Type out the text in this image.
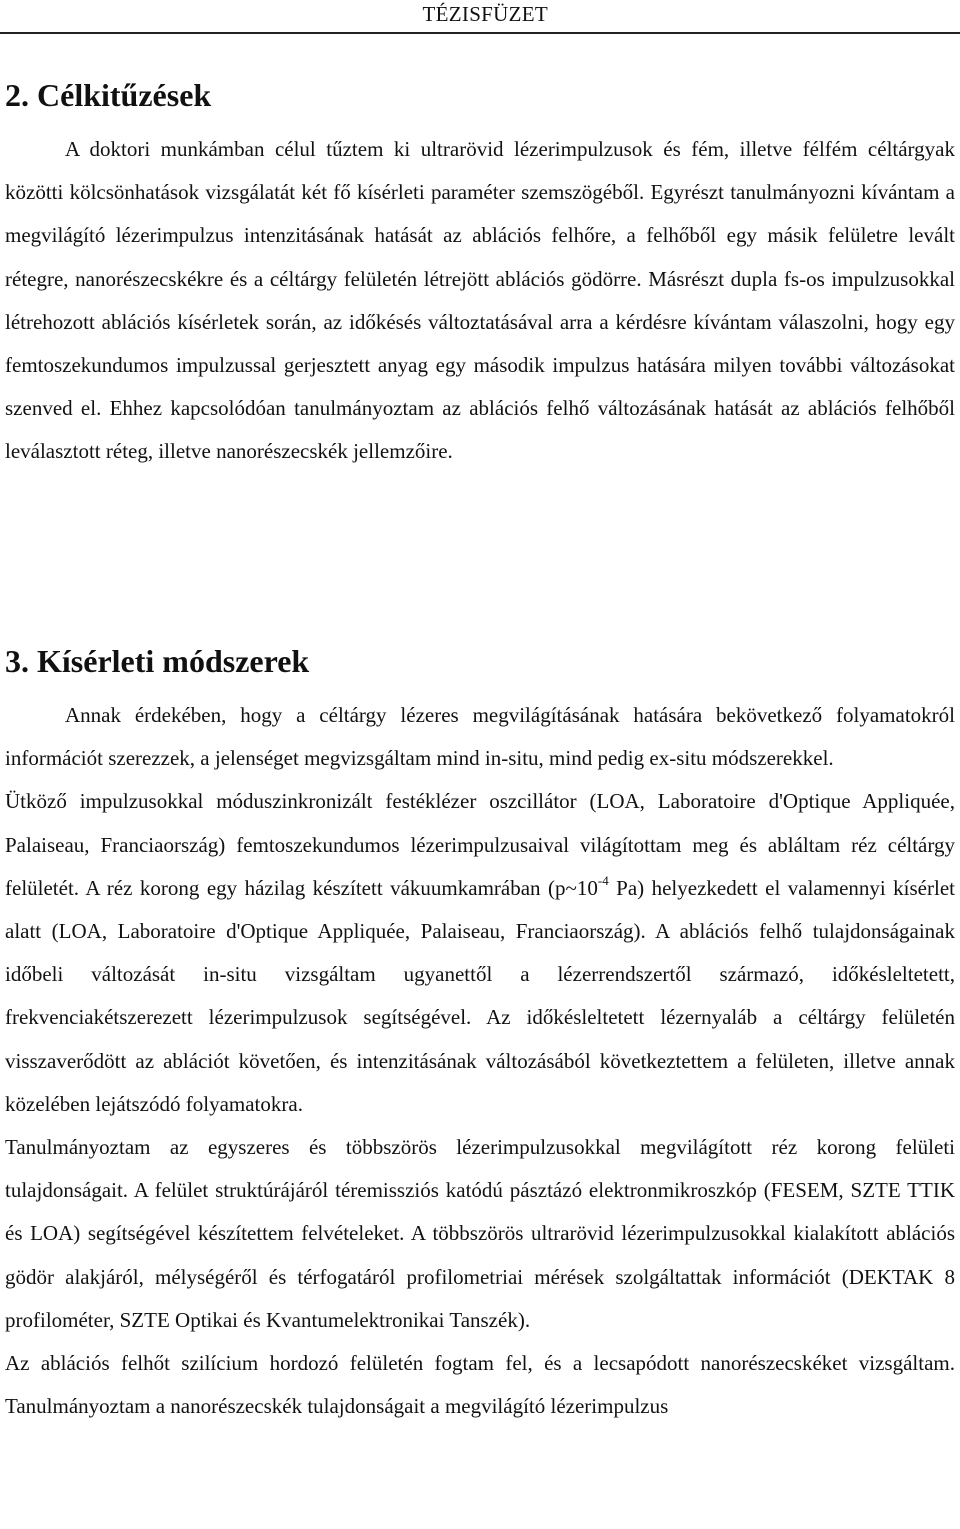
TÉZISFÜZET
2. Célkitűzések

A doktori munkámban célul tűztem ki ultrarövid lézerimpulzusok és fém, illetve félfém céltárgyak közötti kölcsönhatások vizsgálatát két fő kísérleti paraméter szemszögéből. Egyrészt tanulmányozni kívántam a megvilágító lézerimpulzus intenzitásának hatását az ablációs felhőre, a felhőből egy másik felületre levált rétegre, nanorészecskékre és a céltárgy felületén létrejött ablációs gödörre. Másrészt dupla fs-os impulzusokkal létrehozott ablációs kísérletek során, az időkésés változtatásával arra a kérdésre kívántam válaszolni, hogy egy femtoszekundumos impulzussal gerjesztett anyag egy második impulzus hatására milyen további változásokat szenved el. Ehhez kapcsolódóan tanulmányoztam az ablációs felhő változásának hatását az ablációs felhőből leválasztott réteg, illetve nanorészecskék jellemzőire.

3. Kísérleti módszerek

Annak érdekében, hogy a céltárgy lézeres megvilágításának hatására bekövetkező folyamatokról információt szerezzek, a jelenséget megvizsgáltam mind in-situ, mind pedig ex-situ módszerekkel.

Ütköző impulzusokkal móduszinkronizált festéklézer oszcillátor (LOA, Laboratoire d'Optique Appliquée, Palaiseau, Franciaország) femtoszekundumos lézerimpulzusaival világítottam meg és abláltam réz céltárgy felületét. A réz korong egy házilag készített vákuumkamrában ($p\sim 10^{-4}$ Pa) helyezkedett el valamennyi kísérlet alatt (LOA, Laboratoire d'Optique Appliquée, Palaiseau, Franciaország). A ablációs felhő tulajdonságainak időbeli változását in-situ vizsgáltam ugyanettől a lézerrendszertől származó, időkésleltetett, frekvenciakétszerezett lézerimpulzusok segítségével. Az időkésleltetett lézernyaláb a céltárgy felületén visszaverődött az ablációt követően, és intenzitásának változásából következtettem a felületen, illetve annak közelében lejátszódó folyamatokra.

Tanulmányoztam az egyszeres és többszörös lézerimpulzusokkal megvilágított réz korong felületi tulajdonságait. A felület struktúrájáról téremissziós katódú pásztázó elektronmikroszkóp (FESEM, SZTE TTIK és LOA) segítségével készítettem felvételeket. A többszörös ultrarövid lézerimpulzusokkal kialakított ablációs gödör alakjáról, mélységéről és térfogatáról profilometriai mérések szolgáltattak információt (DEKTAK 8 profilométer, SZTE Optikai és Kvantumelektronikai Tanszék).

Az ablációs felhőt szilícium hordozó felületén fogtam fel, és a lecsapódott nanorészecskéket vizsgáltam. Tanulmányoztam a nanorészecskék tulajdonságait a megvilágító lézerimpulzus
